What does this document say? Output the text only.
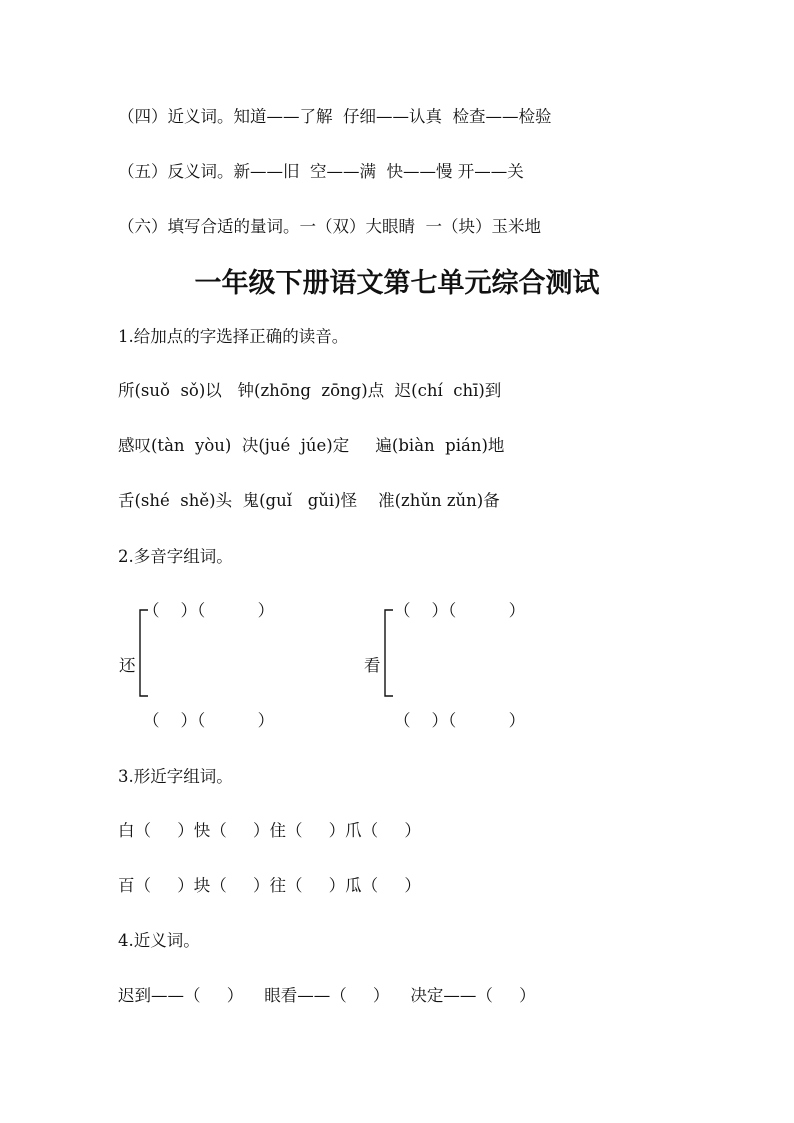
（四）近义词。知道——了解  仔细——认真  检查——检验
（五）反义词。新——旧  空——满  快——慢 开——关
（六）填写合适的量词。一（双）大眼睛  一（块）玉米地
一年级下册语文第七单元综合测试
1.给加点的字选择正确的读音。
所(suǒ  sǒ)以   钟(zhōng  zōng)点  迟(chí  chī)到
感叹(tàn  yòu)  决(jué  júe)定     遍(biàn  pián)地
舌(shé  shě)头  鬼(guǐ   gǔi)怪    准(zhǔn zǔn)备
2.多音字组词。
还
（    ）（          ）
（    ）（          ）
看
（    ）（          ）
（    ）（          ）
3.形近字组词。
白（     ）快（     ）住（     ）爪（     ）
百（     ）块（     ）往（     ）瓜（     ）
4.近义词。
迟到——（     ）    眼看——（     ）    决定——（     ）
